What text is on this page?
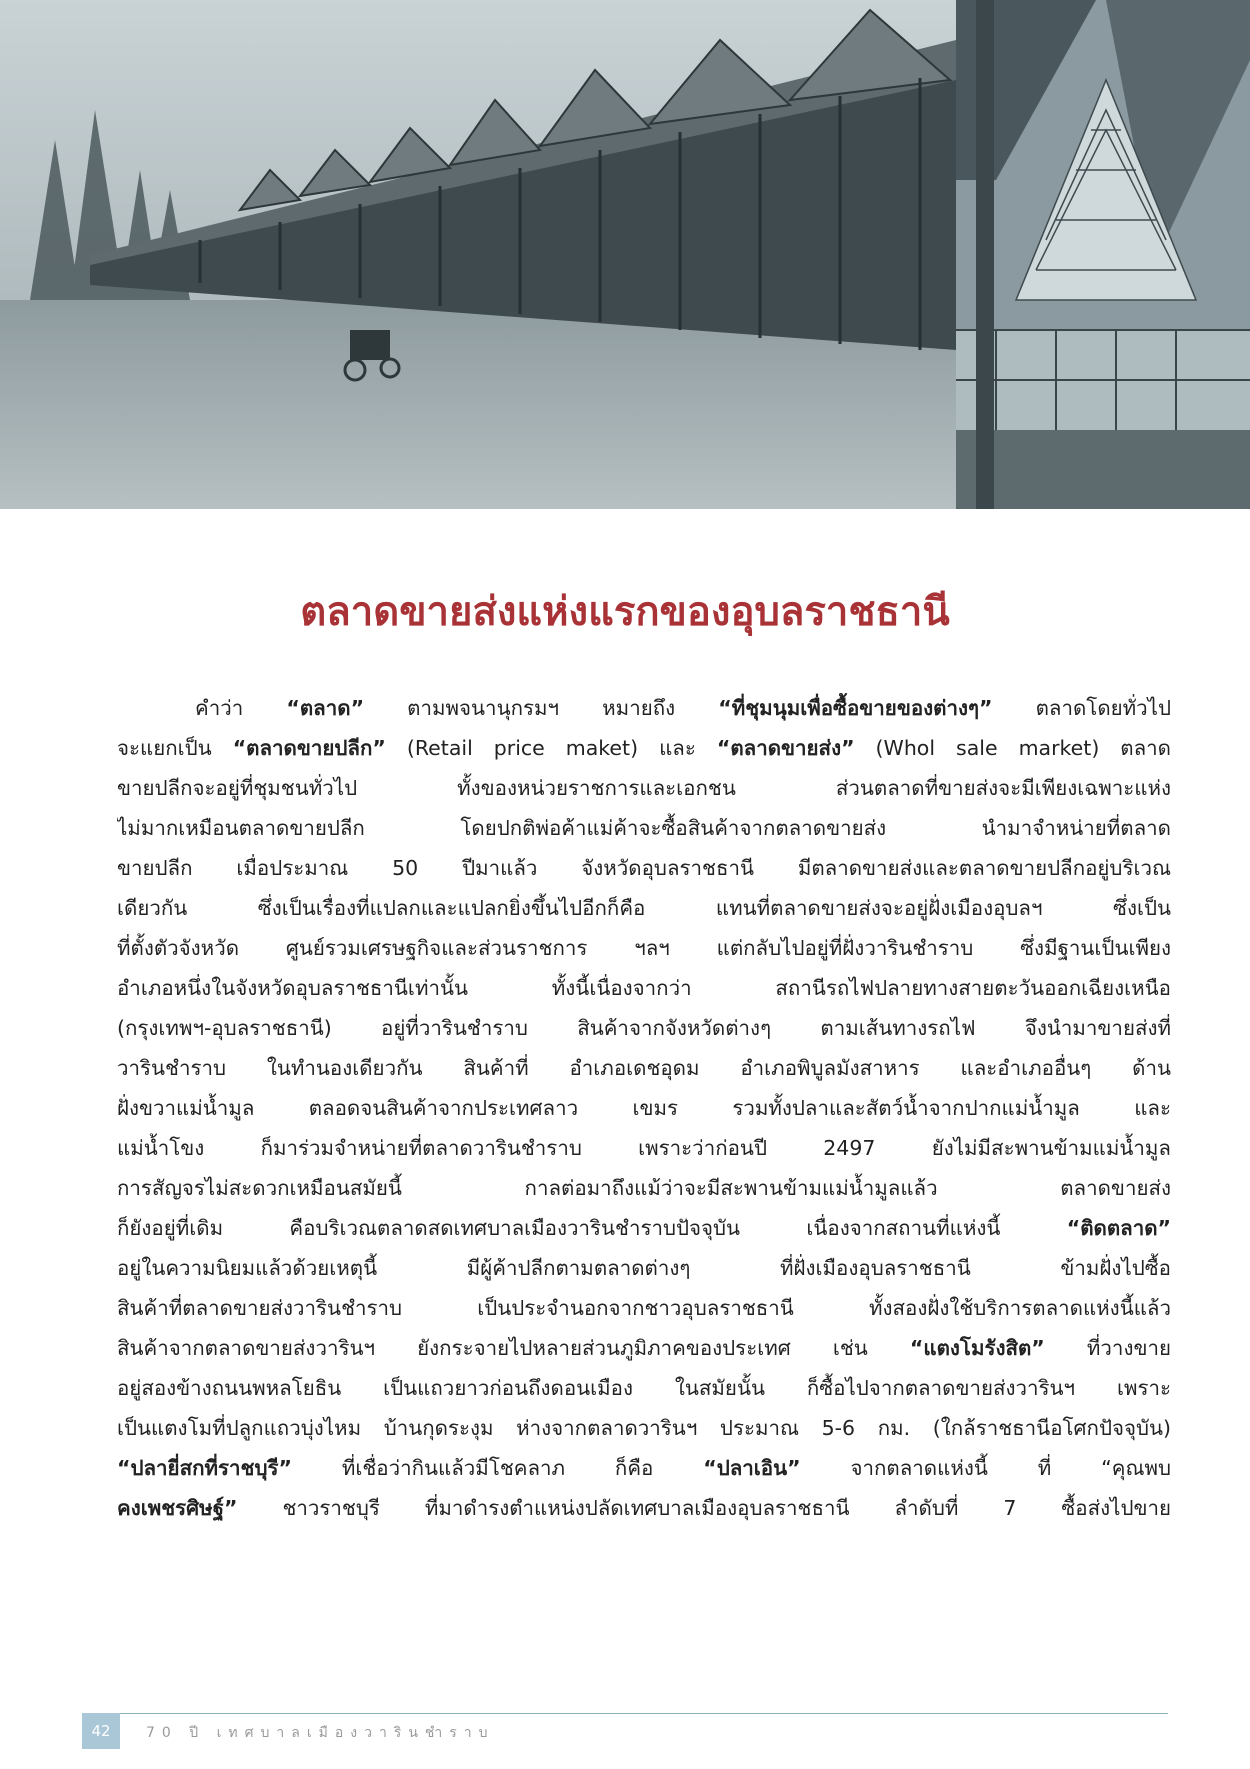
ตลาดขายส่งแห่งแรกของอุบลราชธานี
คำว่า “ตลาด” ตามพจนานุกรมฯ หมายถึง “ที่ชุมนุมเพื่อซื้อขายของต่างๆ” ตลาดโดยทั่วไป
จะแยกเป็น “ตลาดขายปลีก” (Retail price maket) และ “ตลาดขายส่ง” (Whol sale market) ตลาด
ขายปลีกจะอยู่ที่ชุมชนทั่วไป ทั้งของหน่วยราชการและเอกชน ส่วนตลาดที่ขายส่งจะมีเพียงเฉพาะแห่ง
ไม่มากเหมือนตลาดขายปลีก โดยปกติพ่อค้าแม่ค้าจะซื้อสินค้าจากตลาดขายส่ง นำมาจำหน่ายที่ตลาด
ขายปลีก เมื่อประมาณ 50 ปีมาแล้ว จังหวัดอุบลราชธานี มีตลาดขายส่งและตลาดขายปลีกอยู่บริเวณ
เดียวกัน ซึ่งเป็นเรื่องที่แปลกและแปลกยิ่งขึ้นไปอีกก็คือ แทนที่ตลาดขายส่งจะอยู่ฝั่งเมืองอุบลฯ ซึ่งเป็น
ที่ตั้งตัวจังหวัด ศูนย์รวมเศรษฐกิจและส่วนราชการ ฯลฯ แต่กลับไปอยู่ที่ฝั่งวารินชำราบ ซึ่งมีฐานเป็นเพียง
อำเภอหนึ่งในจังหวัดอุบลราชธานีเท่านั้น ทั้งนี้เนื่องจากว่า สถานีรถไฟปลายทางสายตะวันออกเฉียงเหนือ
(กรุงเทพฯ-อุบลราชธานี) อยู่ที่วารินชำราบ สินค้าจากจังหวัดต่างๆ ตามเส้นทางรถไฟ จึงนำมาขายส่งที่
วารินชำราบ ในทำนองเดียวกัน สินค้าที่ อำเภอเดชอุดม อำเภอพิบูลมังสาหาร และอำเภออื่นๆ ด้าน
ฝั่งขวาแม่น้ำมูล ตลอดจนสินค้าจากประเทศลาว เขมร รวมทั้งปลาและสัตว์น้ำจากปากแม่น้ำมูล และ
แม่น้ำโขง ก็มาร่วมจำหน่ายที่ตลาดวารินชำราบ เพราะว่าก่อนปี 2497 ยังไม่มีสะพานข้ามแม่น้ำมูล
การสัญจรไม่สะดวกเหมือนสมัยนี้ กาลต่อมาถึงแม้ว่าจะมีสะพานข้ามแม่น้ำมูลแล้ว ตลาดขายส่ง
ก็ยังอยู่ที่เดิม คือบริเวณตลาดสดเทศบาลเมืองวารินชำราบปัจจุบัน เนื่องจากสถานที่แห่งนี้ “ติดตลาด”
อยู่ในความนิยมแล้วด้วยเหตุนี้ มีผู้ค้าปลีกตามตลาดต่างๆ ที่ฝั่งเมืองอุบลราชธานี ข้ามฝั่งไปซื้อ
สินค้าที่ตลาดขายส่งวารินชำราบ เป็นประจำนอกจากชาวอุบลราชธานี ทั้งสองฝั่งใช้บริการตลาดแห่งนี้แล้ว
สินค้าจากตลาดขายส่งวารินฯ ยังกระจายไปหลายส่วนภูมิภาคของประเทศ เช่น “แตงโมรังสิต” ที่วางขาย
อยู่สองข้างถนนพหลโยธิน เป็นแถวยาวก่อนถึงดอนเมือง ในสมัยนั้น ก็ซื้อไปจากตลาดขายส่งวารินฯ เพราะ
เป็นแตงโมที่ปลูกแถวบุ่งไหม บ้านกุดระงุม ห่างจากตลาดวารินฯ ประมาณ 5-6 กม. (ใกล้ราชธานีอโศกปัจจุบัน)
“ปลายี่สกที่ราชบุรี” ที่เชื่อว่ากินแล้วมีโชคลาภ ก็คือ “ปลาเอิน” จากตลาดแห่งนี้ ที่ “คุณพบ
คงเพชรศิษฐ์” ชาวราชบุรี ที่มาดำรงตำแหน่งปลัดเทศบาลเมืองอุบลราชธานี ลำดับที่ 7 ซื้อส่งไปขาย
42	70 ปี เทศบาลเมืองวารินชำราบ
